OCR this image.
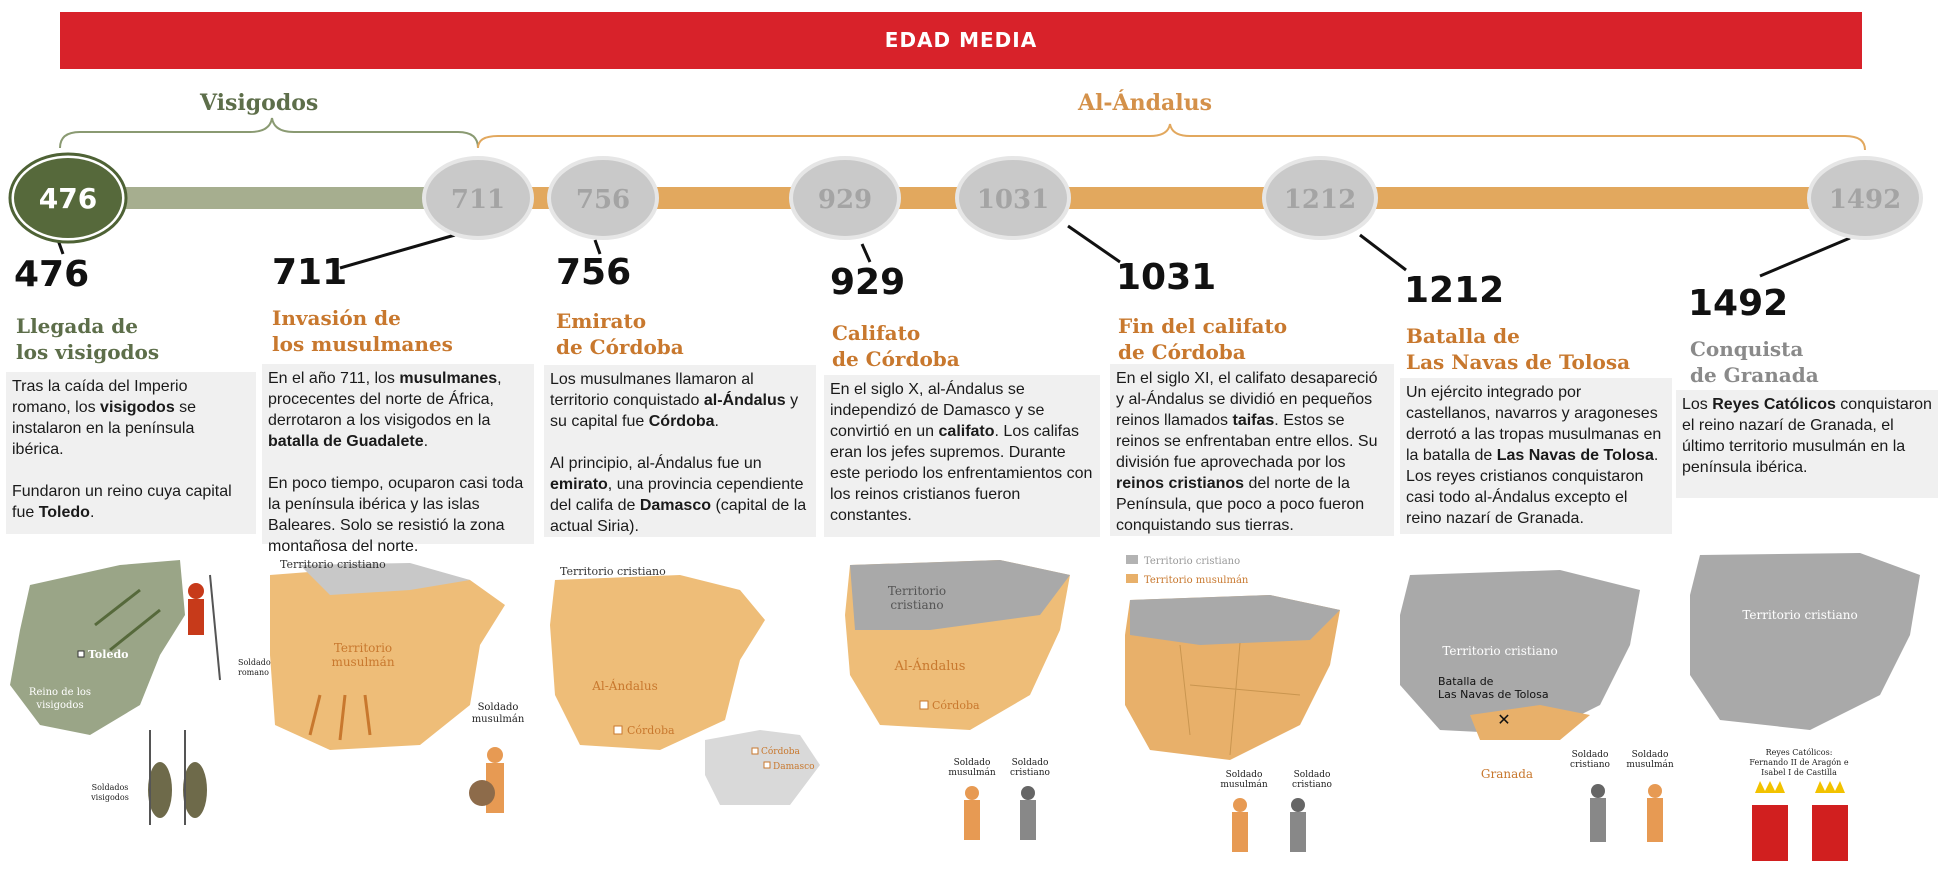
EDAD MEDIA
Visigodos	Al-Ándalus
476	711	756	929	1031	1212	1492
476
Llegada de
los visigodos
Tras la caída del Imperio romano, los visigodos se instalaron en la península ibérica.

Fundaron un reino cuya capital fue Toledo.
711
Invasión de
los musulmanes
En el año 711, los musulmanes, procecentes del norte de África, derrotaron a los visigodos en la batalla de Guadalete.

En poco tiempo, ocuparon casi toda la península ibérica y las islas Baleares. Solo se resistió la zona montañosa del norte.
756
Emirato
de Córdoba
Los musulmanes llamaron al territorio conquistado al-Ándalus y su capital fue Córdoba.

Al principio, al-Ándalus fue un emirato, una provincia cependiente del califa de Damasco (capital de la actual Siria).
929
Califato
de Córdoba
En el siglo X, al-Ándalus se independizó de Damasco y se convirtió en un califato. Los califas eran los jefes supremos. Durante este periodo los enfrentamientos con los reinos cristianos fueron constantes.
1031
Fin del califato
de Córdoba
En el siglo XI, el califato desapareció y al-Ándalus se dividió en pequeños reinos llamados taifas. Estos se reinos se enfrentaban entre ellos. Su división fue aprovechada por los reinos cristianos del norte de la Península, que poco a poco fueron conquistando sus tierras.
1212
Batalla de
Las Navas de Tolosa
Un ejército integrado por castellanos, navarros y aragoneses derrotó a las tropas musulmanas en la batalla de Las Navas de Tolosa. Los reyes cristianos conquistaron casi todo al-Ándalus excepto el reino nazarí de Granada.
1492
Conquista
de Granada
Los Reyes Católicos conquistaron el reino nazarí de Granada, el último territorio musulmán en la península ibérica.
Toledo
Reino de los
visigodos
Soldado
romano
Soldados
visigodos
Territorio cristiano
Territorio
musulmán
Soldado
musulmán
Territorio cristiano
Al-Ándalus
Córdoba
Córdoba
Damasco
Territorio
cristiano
Al-Ándalus
Córdoba
Soldado
musulmán
Soldado
cristiano
Territorio cristiano
Territorio musulmán
Soldado
musulmán
Soldado
cristiano
Territorio cristiano
Batalla de
Las Navas de Tolosa
✕
Granada
Soldado
cristiano
Soldado
musulmán
Territorio cristiano
Reyes Católicos:
Fernando II de Aragón e
Isabel I de Castilla
